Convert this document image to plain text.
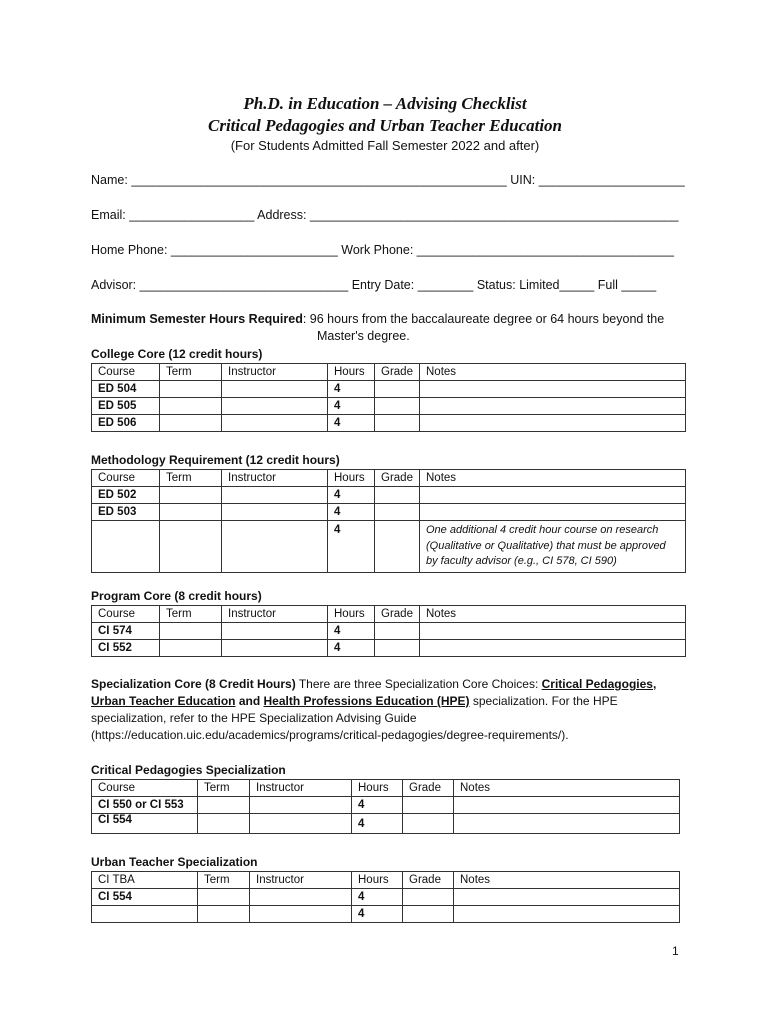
Ph.D. in Education – Advising Checklist
Critical Pedagogies and Urban Teacher Education
(For Students Admitted Fall Semester 2022 and after)
Name: ______________________________________________________ UIN: _____________________
Email: __________________ Address: _____________________________________________________
Home Phone: ________________________ Work Phone: _____________________________________
Advisor: ______________________________ Entry Date: ________ Status: Limited_____ Full _____
Minimum Semester Hours Required: 96 hours from the baccalaureate degree or 64 hours beyond the
Master's degree.
College Core (12 credit hours)
Course	Term	Instructor	Hours	Grade	Notes
ED 504			4		
ED 505			4		
ED 506			4		
Methodology Requirement (12 credit hours)
Course	Term	Instructor	Hours	Grade	Notes
ED 502			4		
ED 503			4		
			4		One additional 4 credit hour course on research (Qualitative or Qualitative) that must be approved by faculty advisor (e.g., CI 578, CI 590)
Program Core (8 credit hours)
Course	Term	Instructor	Hours	Grade	Notes
CI 574			4		
CI 552			4		
Specialization Core (8 Credit Hours) There are three Specialization Core Choices: Critical Pedagogies,
Urban Teacher Education and Health Professions Education (HPE) specialization. For the HPE
specialization, refer to the HPE Specialization Advising Guide
(https://education.uic.edu/academics/programs/critical-pedagogies/degree-requirements/).
Critical Pedagogies Specialization
Course	Term	Instructor	Hours	Grade	Notes
CI 550 or CI 553			4		
CI 554			4		
Urban Teacher Specialization
CI TBA	Term	Instructor	Hours	Grade	Notes
CI 554			4		
			4		
1
